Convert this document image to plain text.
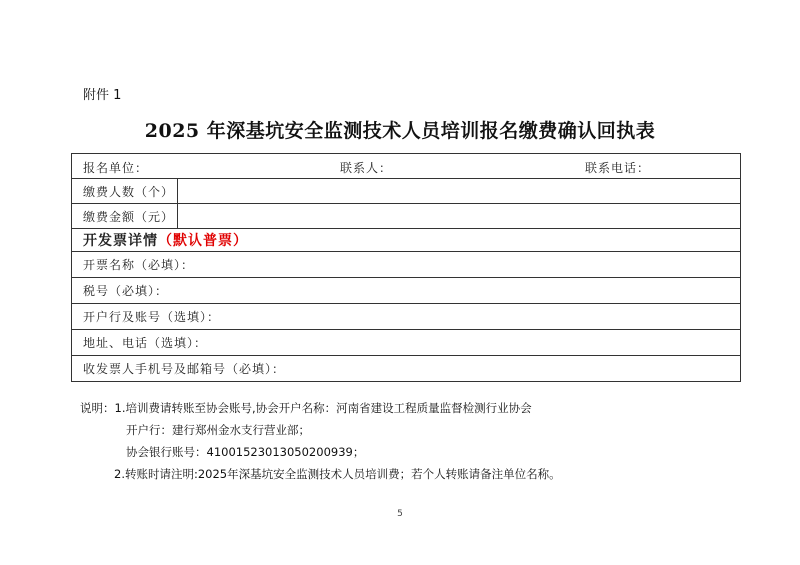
附件 1
2025 年深基坑安全监测技术人员培训报名缴费确认回执表
报名单位： 联系人： 联系电话：	

缴费人数（个）	
缴费金额（元）	
开发票详情（默认普票）	
开票名称（必填）：	
税号（必填）：	
开户行及账号（选填）：	
地址、电话（选填）：	
收发票人手机号及邮箱号（必填）：	
说明：1.培训费请转账至协会账号,协会开户名称：河南省建设工程质量监督检测行业协会
开户行：建行郑州金水支行营业部；
协会银行账号：41001523013050200939；
2.转账时请注明:2025年深基坑安全监测技术人员培训费；若个人转账请备注单位名称。
5
